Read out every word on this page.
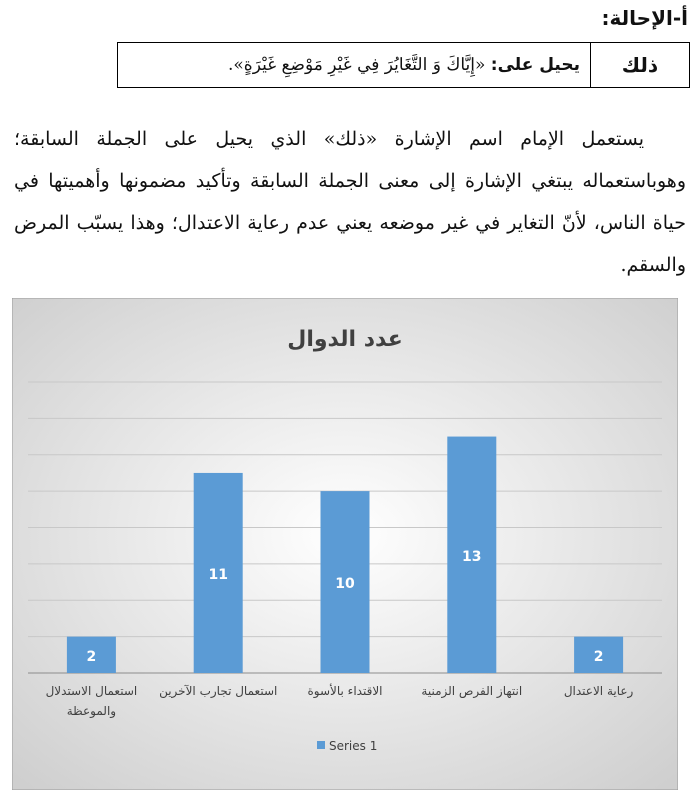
أ-الإحالة:
ذلك	يحيل على: «إِيَّاكَ وَ التَّغَايُرَ فِي غَيْرِ مَوْضِعِ غَيْرَةٍ».
يستعمل الإمام اسم الإشارة «ذلك» الذي يحيل على الجملة السابقة؛ وهوباستعماله يبتغي الإشارة إلى معنى الجملة السابقة وتأكيد مضمونها وأهميتها في حياة الناس، لأنّ التغاير في غير موضعه يعني عدم رعاية الاعتدال؛ وهذا يسبّب المرض والسقم.
عدد الدوال
2
11
10
13
2
استعمال الاستدلال
والموعظة
استعمال تجارب الآخرين	الاقتداء بالأسوة	انتهاز الفرص الزمنية	رعاية الاعتدال
Series 1
